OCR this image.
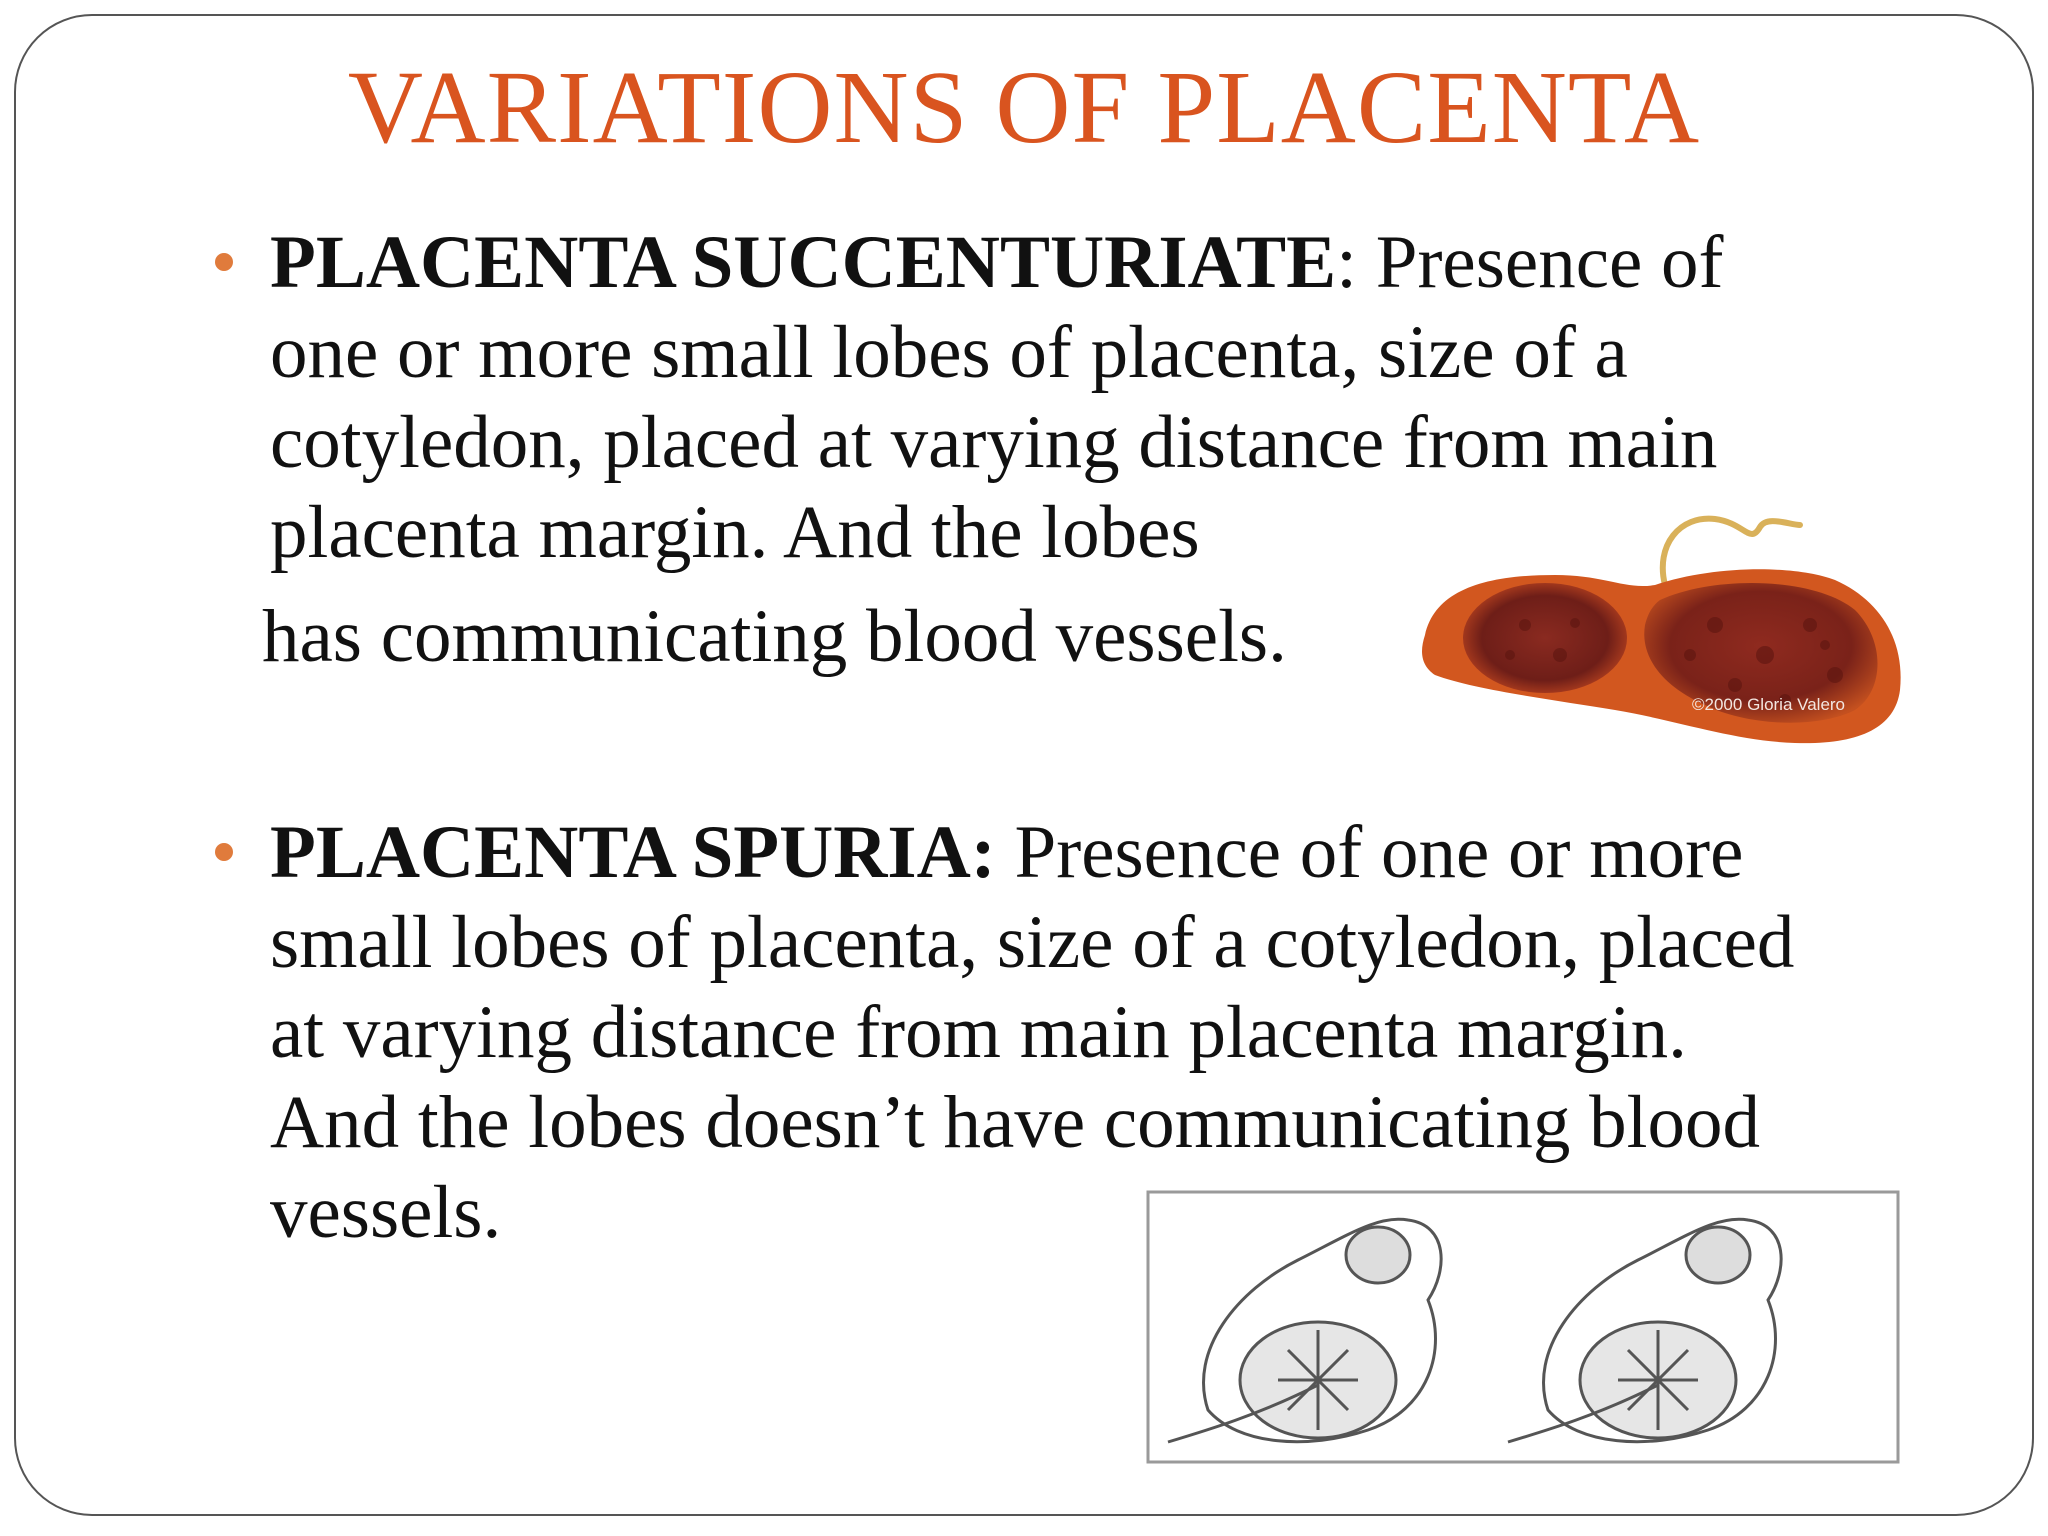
VARIATIONS OF PLACENTA
PLACENTA SUCCENTURIATE: Presence of
one or more small lobes of placenta, size of a
cotyledon, placed at varying distance from main
placenta margin. And the lobes
has communicating blood vessels.
©2000 Gloria Valero
PLACENTA SPURIA: Presence of one or more
small lobes of placenta, size of a cotyledon, placed
at varying distance from main placenta margin.
And the lobes doesn’t have communicating blood
vessels.
